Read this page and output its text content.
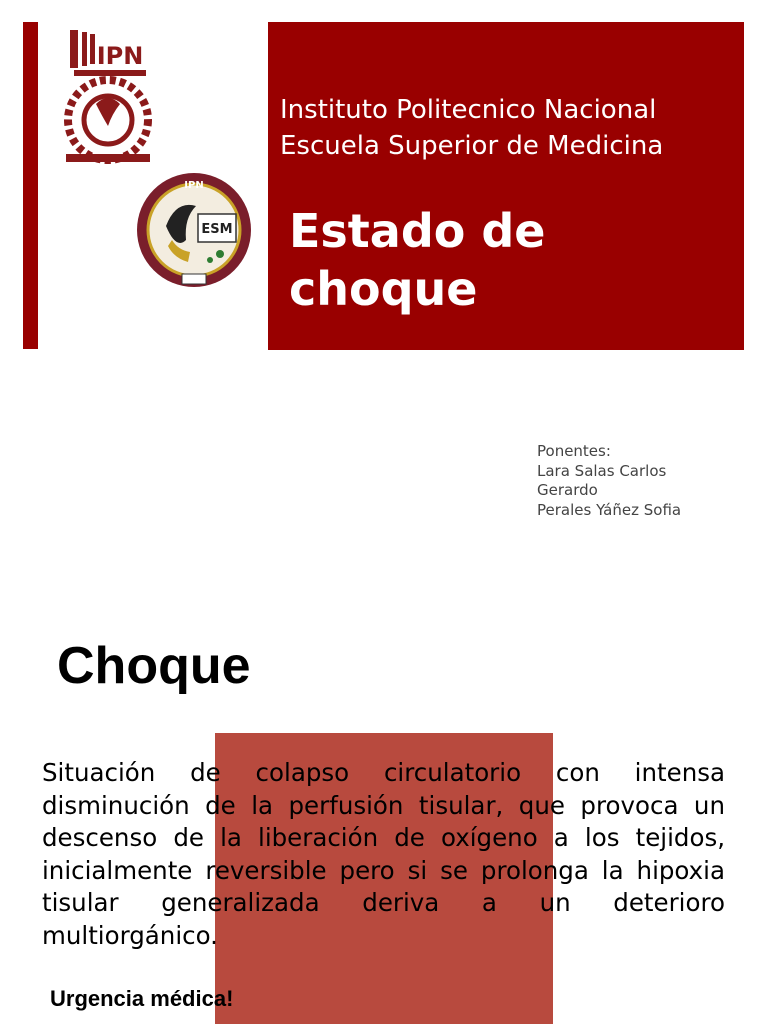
IPN
IPN
ESM
Instituto Politecnico Nacional
Escuela Superior de Medicina
Estado de
choque
Ponentes:
Lara Salas Carlos
Gerardo
Perales Yáñez Sofia
Choque
Situación de colapso circulatorio con intensa disminución de la perfusión tisular, que provoca un descenso de la liberación de oxígeno a los tejidos, inicialmente reversible pero si se prolonga la hipoxia tisular generalizada deriva a un deterioro multiorgánico.
Urgencia médica!
